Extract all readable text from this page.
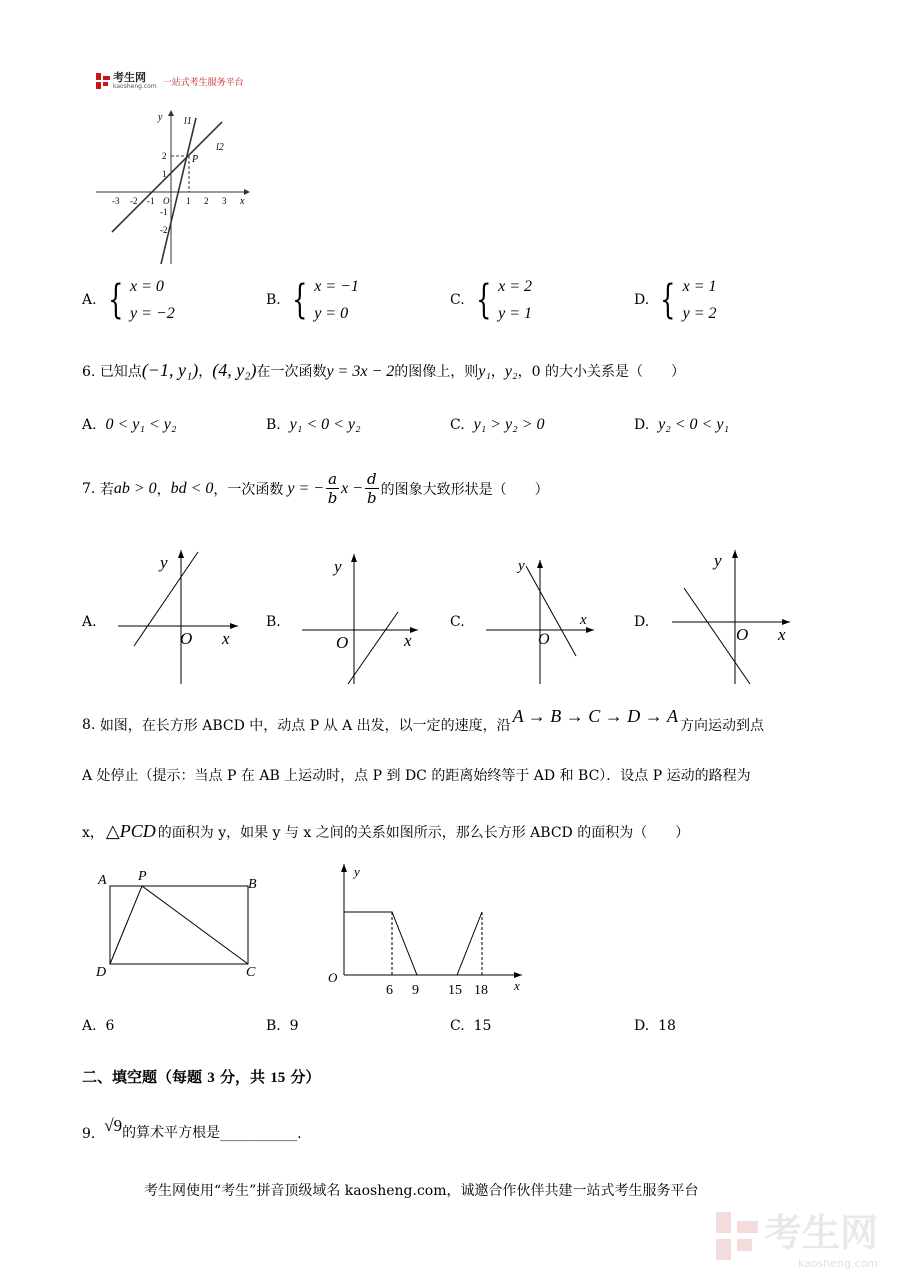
考生网
kaosheng.com 一站式考生服务平台
y
x
l1
l2
P
O
-3 -2 -1	1 2 3
2
1
-1
-2
A. { x = 0
y = −2
B. { x = −1
y = 0
C. { x = 2
y = 1
D. { x = 1
y = 2
6. 已知点(−1, y₁)，(4, y₂)在一次函数y = 3x − 2的图像上，则y₁，y₂，0 的大小关系是（　　）
A. 0 < y₁ < y₂	B. y₁ < 0 < y₂	C. y₁ > y₂ > 0	D. y₂ < 0 < y₁
7.
若 ab > 0 ， bd < 0 ，一次函数 y = − $\frac{a}{b}$ $x - \frac{d}{b}$ 的图象大致形状是（　　）
A.
y
O x
B.
y
O	x
C.
y
O
x	D.
y
O x
8.
如图，在长方形 ABCD 中，动点 P 从 A 出发，以一定的速度，沿 A → B → C → D → A 方向运动到点
A 处停止（提示：当点 P 在 AB 上运动时，点 P 到 DC 的距离始终等于 AD 和 BC）．设点 P 运动的路程为
x， △PCD 的面积为 y，如果 y 与 x 之间的关系如图所示，那么长方形 ABCD 的面积为（　　）
A P
B
D	C
y
O
x
6 9 15 18
A. 6	B. 9	C. 15	D. 18
二、填空题（每题 3 分，共 15 分）
9.
√9 的算术平方根是 ___________ .
考生网使用“考生”拼音顶级域名 kaosheng.com，诚邀合作伙伴共建一站式考生服务平台
考生网
kaosheng.com
